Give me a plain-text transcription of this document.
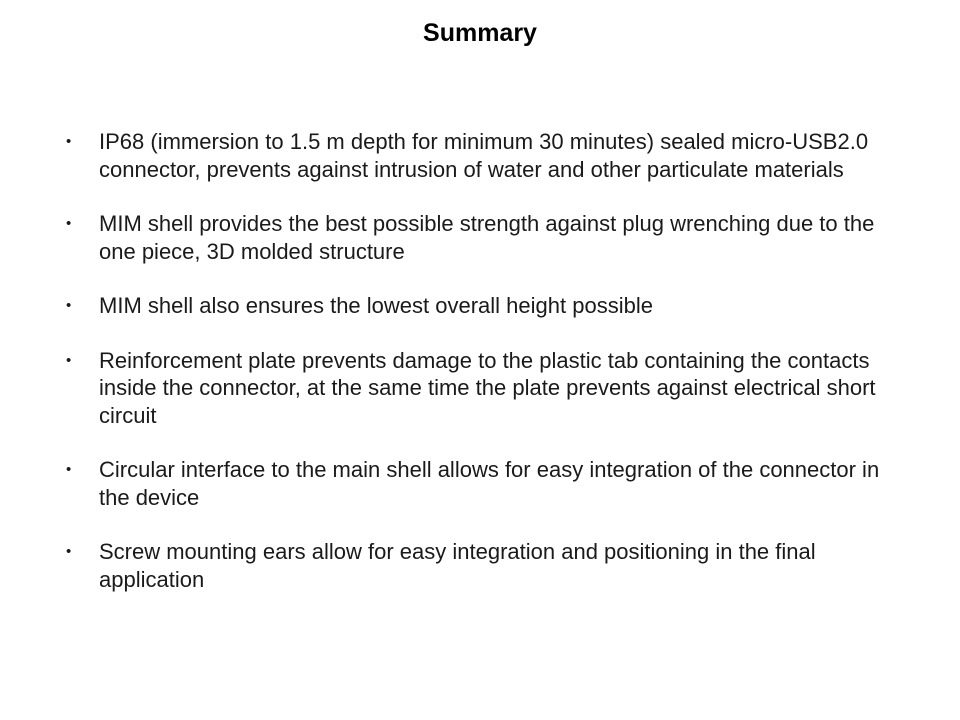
Summary
•	IP68 (immersion to 1.5 m depth for minimum 30 minutes) sealed micro-USB2.0 connector, prevents against intrusion of water and other particulate materials
•	MIM shell provides the best possible strength against plug wrenching due to the one piece, 3D molded structure
•	MIM shell also ensures the lowest overall height possible
•	Reinforcement plate prevents damage to the plastic tab containing the contacts inside the connector, at the same time the plate prevents against electrical short circuit
•	Circular interface to the main shell allows for easy integration of the connector in the device
•	Screw mounting ears allow for easy integration and positioning in the final application
